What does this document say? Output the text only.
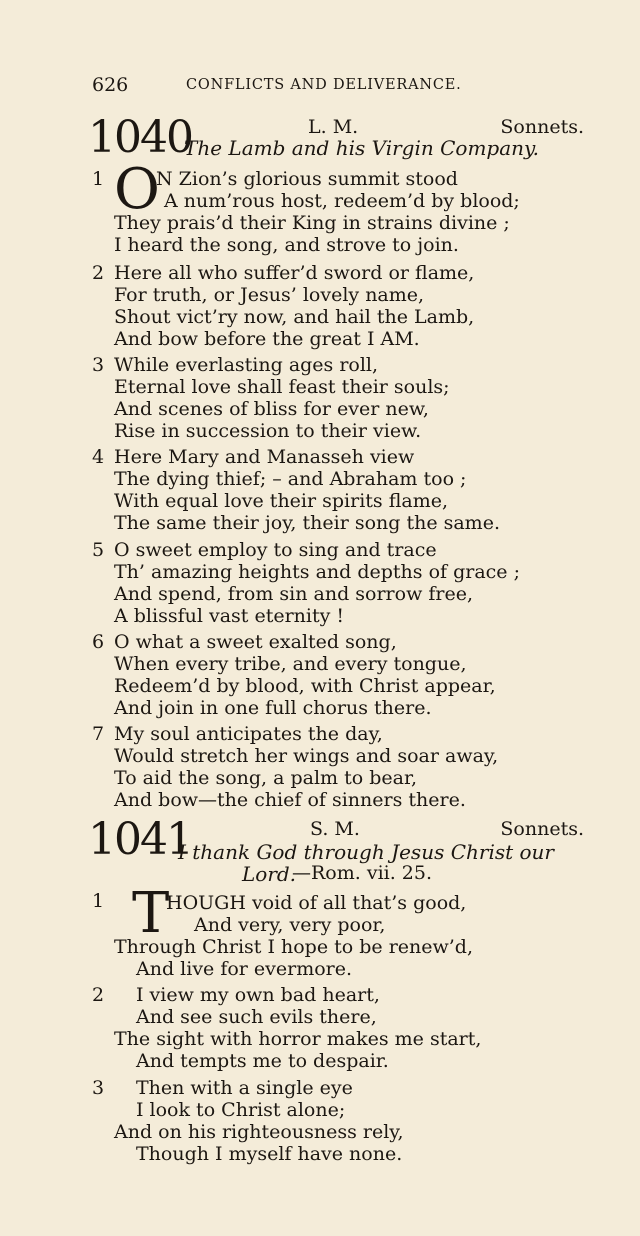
626	CONFLICTS AND DELIVERANCE.
1040	L. M.	Sonnets.
The Lamb and his Virgin Company.
1 O
N Zion’s glorious summit stood
A num’rous host, redeem’d by blood;
They prais’d their King in strains divine ;
I heard the song, and strove to join.
2 Here all who suffer’d sword or flame,
For truth, or Jesus’ lovely name,
Shout vict’ry now, and hail the Lamb,
And bow before the great I AM.
3 While everlasting ages roll,
Eternal love shall feast their souls;
And scenes of bliss for ever new,
Rise in succession to their view.
4 Here Mary and Manasseh view
The dying thief; – and Abraham too ;
With equal love their spirits flame,
The same their joy, their song the same.
5 O sweet employ to sing and trace
Th’ amazing heights and depths of grace ;
And spend, from sin and sorrow free,
A blissful vast eternity !
6 O what a sweet exalted song,
When every tribe, and every tongue,
Redeem’d by blood, with Christ appear,
And join in one full chorus there.
7 My soul anticipates the day,
Would stretch her wings and soar away,
To aid the song, a palm to bear,
And bow—the chief of sinners there.
1041	S. M.	Sonnets.
I thank God through Jesus Christ our
Lord.
—Rom. vii. 25.
1 T
HOUGH void of all that’s good,
And very, very poor,
Through Christ I hope to be renew’d,
And live for evermore.
2 I view my own bad heart,
And see such evils there,
The sight with horror makes me start,
And tempts me to despair.
3 Then with a single eye
I look to Christ alone;
And on his righteousness rely,
Though I myself have none.
